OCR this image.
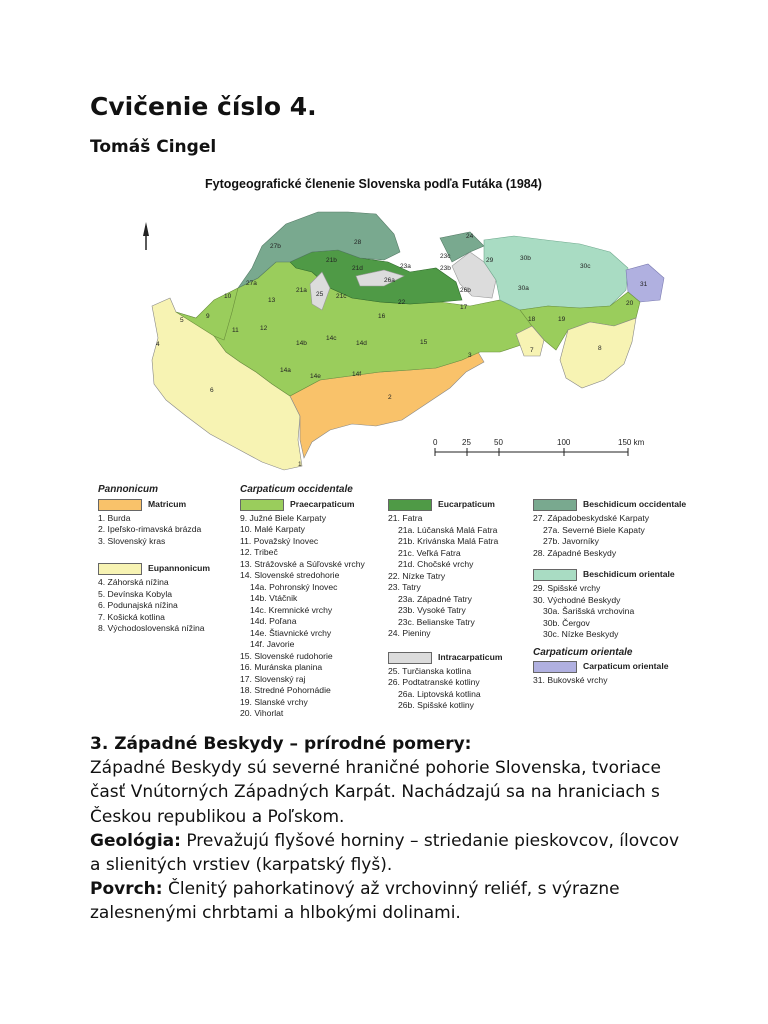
Cvičenie číslo 4.
Tomáš Cingel
Fytogeografické členenie Slovenska podľa Futáka (1984)
2
1
3
4
5
6
7	8
9
10
11	12
13
14b
14c
14d
14a
14e	14f
15
16
17
18	19
20
21a
21b
21c
21d
22
23a	23b
23c
24
25
26a
26b
27a
27b
28
29
30a
30b
30c
31
0	25	50	100	150 km
Pannonicum
Matricum
1. Burda
2. Ipeľsko-rimavská brázda
3. Slovenský kras
Eupannonicum
4. Záhorská nížina
5. Devínska Kobyla
6. Podunajská nížina
7. Košická kotlina
8. Východoslovenská nížina
Carpaticum occidentale
Praecarpaticum
9. Južné Biele Karpaty
10. Malé Karpaty
11. Považský Inovec
12. Tribeč
13. Strážovské a Súľovské vrchy
14. Slovenské stredohorie
14a. Pohronský Inovec
14b. Vtáčnik
14c. Kremnické vrchy
14d. Poľana
14e. Štiavnické vrchy
14f. Javorie
15. Slovenské rudohorie
16. Muránska planina
17. Slovenský raj
18. Stredné Pohornádie
19. Slanské vrchy
20. Vihorlat
Eucarpaticum
21. Fatra
21a. Lúčanská Malá Fatra
21b. Krivánska Malá Fatra
21c. Veľká Fatra
21d. Chočské vrchy
22. Nízke Tatry
23. Tatry
23a. Západné Tatry
23b. Vysoké Tatry
23c. Belianske Tatry
24. Pieniny
Intracarpaticum
25. Turčianska kotlina
26. Podtatranské kotliny
26a. Liptovská kotlina
26b. Spišské kotliny
Beschidicum occidentale
27. Západobeskydské Karpaty
27a. Severné Biele Kapaty
27b. Javorníky
28. Západné Beskydy
Beschidicum orientale
29. Spišské vrchy
30. Východné Beskydy
30a. Šarišská vrchovina
30b. Čergov
30c. Nízke Beskydy
Carpaticum orientale
Carpaticum orientale
31. Bukovské vrchy

3. Západné Beskydy – prírodné pomery:

Západné Beskydy sú severné hraničné pohorie Slovenska, tvoriace časť Vnútorných Západných Karpát. Nachádzajú sa na hraniciach s Českou republikou a Poľskom.

Geológia: Prevažujú flyšové horniny – striedanie pieskovcov, ílovcov a slienitých vrstiev (karpatský flyš).

Povrch: Členitý pahorkatinový až vrchovinný reliéf, s výrazne zalesnenými chrbtami a hlbokými dolinami.
